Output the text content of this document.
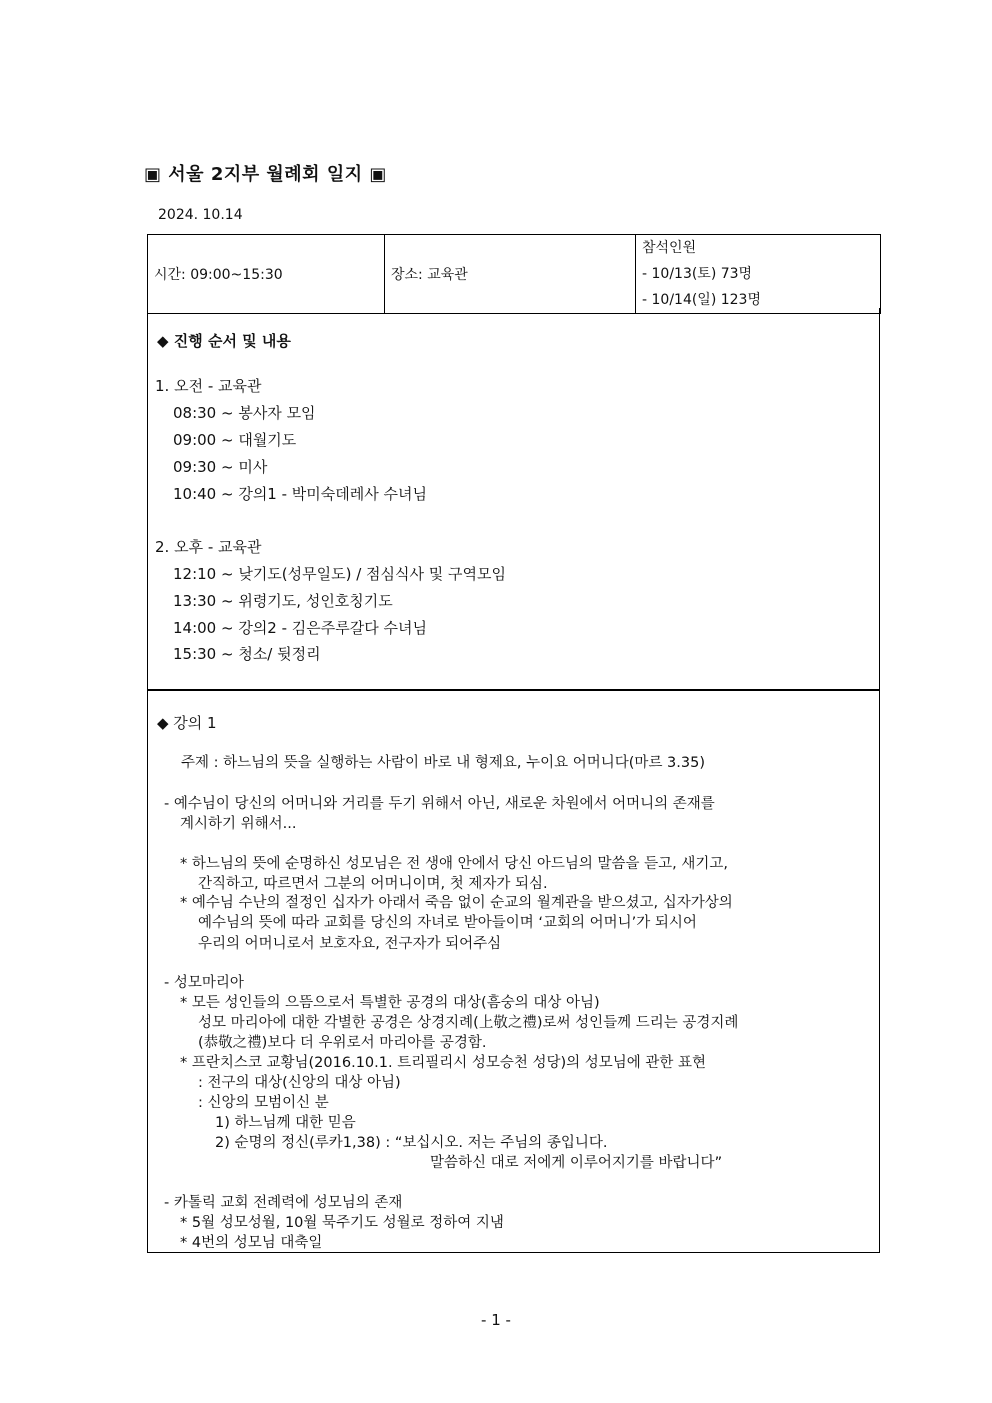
▣ 서울 2지부 월례회 일지 ▣
2024. 10.14
시간: 09:00~15:30	장소: 교육관	
참석인원
- 10/13(토) 73명
- 10/14(일) 123명
◆ 진행 순서 및 내용
1. 오전 - 교육관
08:30 ~ 봉사자 모임
09:00 ~ 대월기도
09:30 ~ 미사
10:40 ~ 강의1 - 박미숙데레사 수녀님
2. 오후 - 교육관
12:10 ~ 낮기도(성무일도) / 점심식사 및 구역모임
13:30 ~ 위령기도, 성인호칭기도
14:00 ~ 강의2 - 김은주루갈다 수녀님
15:30 ~ 청소/ 뒷정리
◆ 강의 1
주제 : 하느님의 뜻을 실행하는 사람이 바로 내 형제요, 누이요 어머니다(마르 3.35)
- 예수님이 당신의 어머니와 거리를 두기 위해서 아닌, 새로운 차원에서 어머니의 존재를
계시하기 위해서...
* 하느님의 뜻에 순명하신 성모님은 전 생애 안에서 당신 아드님의 말씀을 듣고, 새기고,
간직하고, 따르면서 그분의 어머니이며, 첫 제자가 되심.
* 예수님 수난의 절정인 십자가 아래서 죽음 없이 순교의 월계관을 받으셨고, 십자가상의
예수님의 뜻에 따라 교회를 당신의 자녀로 받아들이며 ‘교회의 어머니’가 되시어
우리의 어머니로서 보호자요, 전구자가 되어주심
- 성모마리아
* 모든 성인들의 으뜸으로서 특별한 공경의 대상(흠숭의 대상 아님)
성모 마리아에 대한 각별한 공경은 상경지례(上敬之禮)로써 성인들께 드리는 공경지례
(恭敬之禮)보다 더 우위로서 마리아를 공경함.
* 프란치스코 교황님(2016.10.1. 트리필리시 성모승천 성당)의 성모님에 관한 표현
: 전구의 대상(신앙의 대상 아님)
: 신앙의 모범이신 분
1) 하느님께 대한 믿음
2) 순명의 정신(루카1,38) : “보십시오. 저는 주님의 종입니다.
말씀하신 대로 저에게 이루어지기를 바랍니다”
- 카톨릭 교회 전례력에 성모님의 존재
* 5월 성모성월, 10월 묵주기도 성월로 정하여 지냄
* 4번의 성모님 대축일
- 1 -
